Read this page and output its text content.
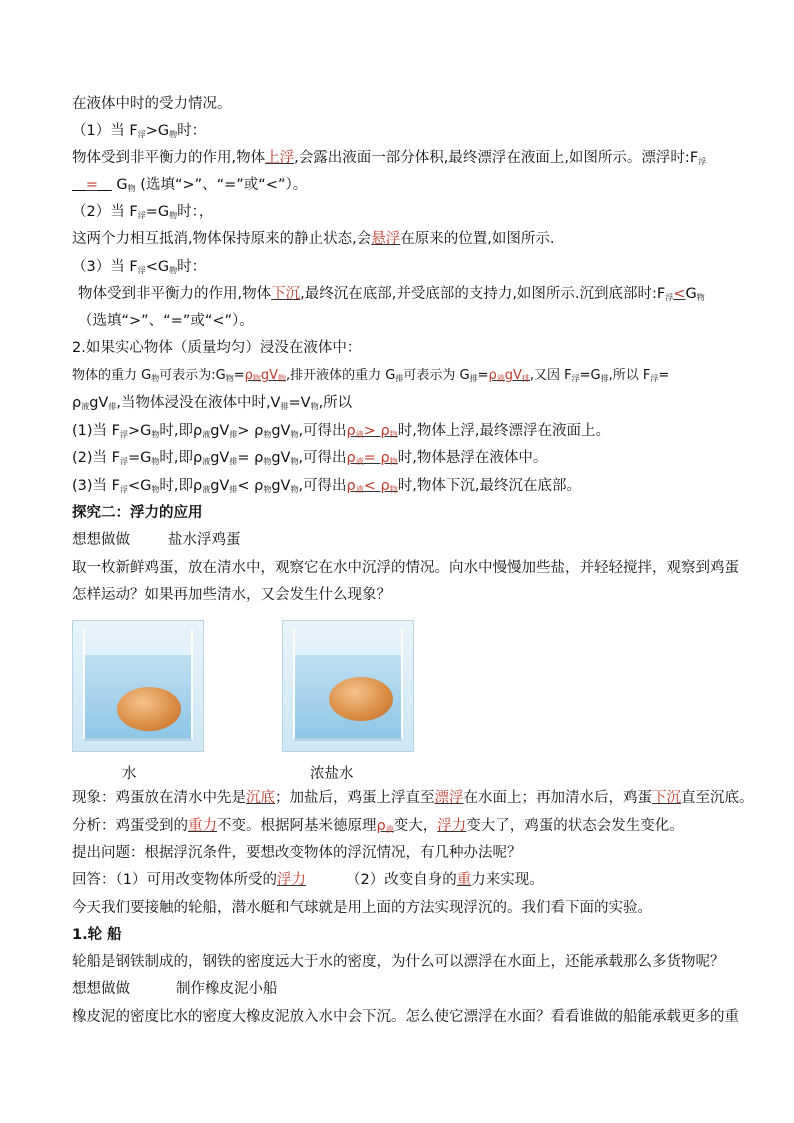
在液体中时的受力情况。
（1）当 $F_浮>G_物$时：
物体受到非平衡力的作用,物体上浮,会露出液面一部分体积,最终漂浮在液面上,如图所示。漂浮时$:F_浮$
=    $G_物$ (选填“>”、“=”或“<”）。
（2）当 $F_浮=G_物$时：，
这两个力相互抵消,物体保持原来的静止状态,会悬浮在原来的位置,如图所示.
（3）当 $F_浮<G_物$时：
物体受到非平衡力的作用,物体下沉,最终沉在底部,并受底部的支持力,如图所示.沉到底部时$:F_浮<G_物$
（选填“>”、“=”或“<”）。
2.如果实心物体（质量均匀）浸没在液体中：
物体的重力 $G_物$可表示为$:G_物=\rho_物gV_物$,排开液体的重力 $G_排$可表示为 $G_排=\rho_液gV_排$,又因 $F_浮=G_排$,所以 $F_浮=$
$\rho_液gV_排$,当物体浸没在液体中时$,V_排=V_物$,所以
(1)当 $F_浮>G_物$时,即$\rho_液gV_排> \rho_物gV_物$,可得出$\rho_液> \rho_物$时,物体上浮,最终漂浮在液面上。
(2)当 $F_浮=G_物$时,即$\rho_液gV_排= \rho_物gV_物$,可得出$\rho_液= \rho_物$时,物体悬浮在液体中。
(3)当 $F_浮<G_物$时,即$\rho_液gV_排< \rho_物gV_物$,可得出$\rho_液< \rho_物$时,物体下沉,最终沉在底部。
探究二：浮力的应用
想想做做	盐水浮鸡蛋
取一枚新鲜鸡蛋，放在清水中，观察它在水中沉浮的情况。向水中慢慢加些盐，并轻轻搅拌，观察到鸡蛋
怎样运动？如果再加些清水，又会发生什么现象？
水	浓盐水
现象：鸡蛋放在清水中先是沉底；加盐后，鸡蛋上浮直至漂浮在水面上；再加清水后，鸡蛋下沉直至沉底。
分析：鸡蛋受到的重力不变。根据阿基米德原理$\rho_液$变大，浮力变大了，鸡蛋的状态会发生变化。
提出问题：根据浮沉条件，要想改变物体的浮沉情况，有几种办法呢？
回答：（1）可用改变物体所受的浮力	（2）改变自身的重力来实现。
今天我们要接触的轮船，潜水艇和气球就是用上面的方法实现浮沉的。我们看下面的实验。
1.轮 船
轮船是钢铁制成的，钢铁的密度远大于水的密度，为什么可以漂浮在水面上，还能承载那么多货物呢？
想想做做	制作橡皮泥小船
橡皮泥的密度比水的密度大橡皮泥放入水中会下沉。怎么使它漂浮在水面？看看谁做的船能承载更多的重
